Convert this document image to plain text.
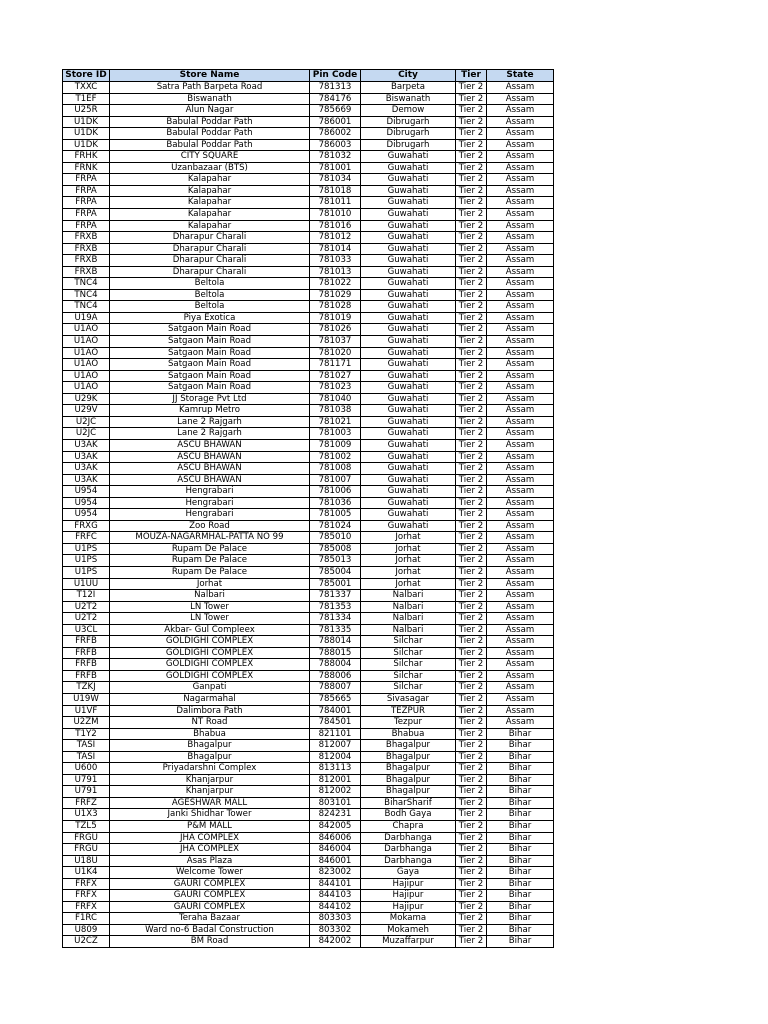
Store ID	Store Name	Pin Code	City	Tier	State
TXXC	Satra Path Barpeta Road	781313	Barpeta	Tier 2	Assam
T1EF	Biswanath	784176	Biswanath	Tier 2	Assam
U25R	Alun Nagar	785669	Demow	Tier 2	Assam
U1DK	Babulal Poddar Path	786001	Dibrugarh	Tier 2	Assam
U1DK	Babulal Poddar Path	786002	Dibrugarh	Tier 2	Assam
U1DK	Babulal Poddar Path	786003	Dibrugarh	Tier 2	Assam
FRHK	CITY SQUARE	781032	Guwahati	Tier 2	Assam
FRNK	Uzanbazaar (BTS)	781001	Guwahati	Tier 2	Assam
FRPA	Kalapahar	781034	Guwahati	Tier 2	Assam
FRPA	Kalapahar	781018	Guwahati	Tier 2	Assam
FRPA	Kalapahar	781011	Guwahati	Tier 2	Assam
FRPA	Kalapahar	781010	Guwahati	Tier 2	Assam
FRPA	Kalapahar	781016	Guwahati	Tier 2	Assam
FRXB	Dharapur Charali	781012	Guwahati	Tier 2	Assam
FRXB	Dharapur Charali	781014	Guwahati	Tier 2	Assam
FRXB	Dharapur Charali	781033	Guwahati	Tier 2	Assam
FRXB	Dharapur Charali	781013	Guwahati	Tier 2	Assam
TNC4	Beltola	781022	Guwahati	Tier 2	Assam
TNC4	Beltola	781029	Guwahati	Tier 2	Assam
TNC4	Beltola	781028	Guwahati	Tier 2	Assam
U19A	Piya Exotica	781019	Guwahati	Tier 2	Assam
U1AO	Satgaon Main Road	781026	Guwahati	Tier 2	Assam
U1AO	Satgaon Main Road	781037	Guwahati	Tier 2	Assam
U1AO	Satgaon Main Road	781020	Guwahati	Tier 2	Assam
U1AO	Satgaon Main Road	781171	Guwahati	Tier 2	Assam
U1AO	Satgaon Main Road	781027	Guwahati	Tier 2	Assam
U1AO	Satgaon Main Road	781023	Guwahati	Tier 2	Assam
U29K	JJ Storage Pvt Ltd	781040	Guwahati	Tier 2	Assam
U29V	Kamrup Metro	781038	Guwahati	Tier 2	Assam
U2JC	Lane 2 Rajgarh	781021	Guwahati	Tier 2	Assam
U2JC	Lane 2 Rajgarh	781003	Guwahati	Tier 2	Assam
U3AK	ASCU BHAWAN	781009	Guwahati	Tier 2	Assam
U3AK	ASCU BHAWAN	781002	Guwahati	Tier 2	Assam
U3AK	ASCU BHAWAN	781008	Guwahati	Tier 2	Assam
U3AK	ASCU BHAWAN	781007	Guwahati	Tier 2	Assam
U954	Hengrabari	781006	Guwahati	Tier 2	Assam
U954	Hengrabari	781036	Guwahati	Tier 2	Assam
U954	Hengrabari	781005	Guwahati	Tier 2	Assam
FRXG	Zoo Road	781024	Guwahati	Tier 2	Assam
FRFC	MOUZA-NAGARMHAL-PATTA NO 99	785010	Jorhat	Tier 2	Assam
U1PS	Rupam De Palace	785008	Jorhat	Tier 2	Assam
U1PS	Rupam De Palace	785013	Jorhat	Tier 2	Assam
U1PS	Rupam De Palace	785004	Jorhat	Tier 2	Assam
U1UU	Jorhat	785001	Jorhat	Tier 2	Assam
T12I	Nalbari	781337	Nalbari	Tier 2	Assam
U2T2	LN Tower	781353	Nalbari	Tier 2	Assam
U2T2	LN Tower	781334	Nalbari	Tier 2	Assam
U3CL	Akbar- Gul Compleex	781335	Nalbari	Tier 2	Assam
FRFB	GOLDIGHI COMPLEX	788014	Silchar	Tier 2	Assam
FRFB	GOLDIGHI COMPLEX	788015	Silchar	Tier 2	Assam
FRFB	GOLDIGHI COMPLEX	788004	Silchar	Tier 2	Assam
FRFB	GOLDIGHI COMPLEX	788006	Silchar	Tier 2	Assam
TZKJ	Ganpati	788007	Silchar	Tier 2	Assam
U19W	Nagarmahal	785665	Sivasagar	Tier 2	Assam
U1VF	Dalimbora Path	784001	TEZPUR	Tier 2	Assam
U2ZM	NT Road	784501	Tezpur	Tier 2	Assam
T1Y2	Bhabua	821101	Bhabua	Tier 2	Bihar
TASI	Bhagalpur	812007	Bhagalpur	Tier 2	Bihar
TASI	Bhagalpur	812004	Bhagalpur	Tier 2	Bihar
U600	Priyadarshni Complex	813113	Bhagalpur	Tier 2	Bihar
U791	Khanjarpur	812001	Bhagalpur	Tier 2	Bihar
U791	Khanjarpur	812002	Bhagalpur	Tier 2	Bihar
FRFZ	AGESHWAR MALL	803101	BiharSharif	Tier 2	Bihar
U1X3	Janki Shidhar Tower	824231	Bodh Gaya	Tier 2	Bihar
TZL5	P&M MALL	842005	Chapra	Tier 2	Bihar
FRGU	JHA COMPLEX	846006	Darbhanga	Tier 2	Bihar
FRGU	JHA COMPLEX	846004	Darbhanga	Tier 2	Bihar
U18U	Asas Plaza	846001	Darbhanga	Tier 2	Bihar
U1K4	Welcome Tower	823002	Gaya	Tier 2	Bihar
FRFX	GAURI COMPLEX	844101	Hajipur	Tier 2	Bihar
FRFX	GAURI COMPLEX	844103	Hajipur	Tier 2	Bihar
FRFX	GAURI COMPLEX	844102	Hajipur	Tier 2	Bihar
F1RC	Teraha Bazaar	803303	Mokama	Tier 2	Bihar
U809	Ward no-6 Badal Construction	803302	Mokameh	Tier 2	Bihar
U2CZ	BM Road	842002	Muzaffarpur	Tier 2	Bihar
